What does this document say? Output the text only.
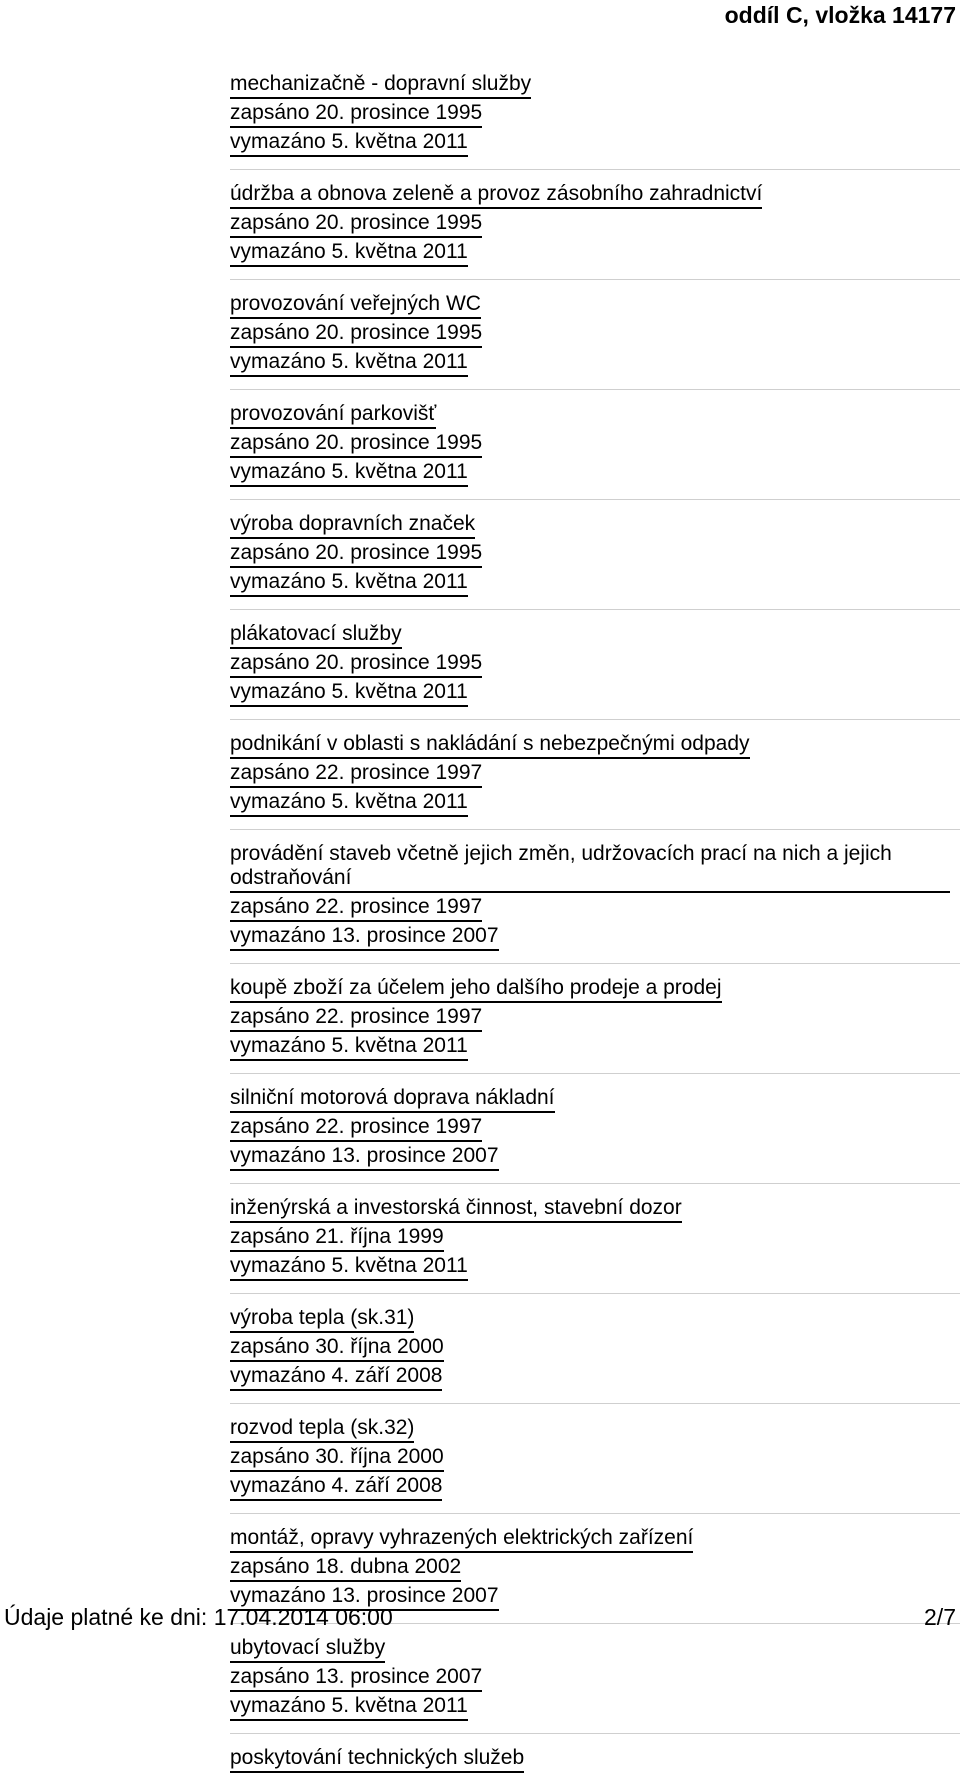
oddíl C, vložka 14177
mechanizačně - dopravní služby
zapsáno 20. prosince 1995
vymazáno 5. května 2011
údržba a obnova zeleně a provoz zásobního zahradnictví
zapsáno 20. prosince 1995
vymazáno 5. května 2011
provozování veřejných WC
zapsáno 20. prosince 1995
vymazáno 5. května 2011
provozování parkovišť
zapsáno 20. prosince 1995
vymazáno 5. května 2011
výroba dopravních značek
zapsáno 20. prosince 1995
vymazáno 5. května 2011
plákatovací služby
zapsáno 20. prosince 1995
vymazáno 5. května 2011
podnikání v oblasti s nakládání s nebezpečnými odpady
zapsáno 22. prosince 1997
vymazáno 5. května 2011
provádění staveb včetně jejich změn, udržovacích prací na nich a jejich odstraňování
zapsáno 22. prosince 1997
vymazáno 13. prosince 2007
koupě zboží za účelem jeho dalšího prodeje a prodej
zapsáno 22. prosince 1997
vymazáno 5. května 2011
silniční motorová doprava nákladní
zapsáno 22. prosince 1997
vymazáno 13. prosince 2007
inženýrská a investorská činnost, stavební dozor
zapsáno 21. října 1999
vymazáno 5. května 2011
výroba tepla (sk.31)
zapsáno 30. října 2000
vymazáno 4. září 2008
rozvod tepla (sk.32)
zapsáno 30. října 2000
vymazáno 4. září 2008
montáž, opravy vyhrazených elektrických zařízení
zapsáno 18. dubna 2002
vymazáno 13. prosince 2007
ubytovací služby
zapsáno 13. prosince 2007
vymazáno 5. května 2011
poskytování technických služeb
Údaje platné ke dni: 17.04.2014 06:00	2/7
